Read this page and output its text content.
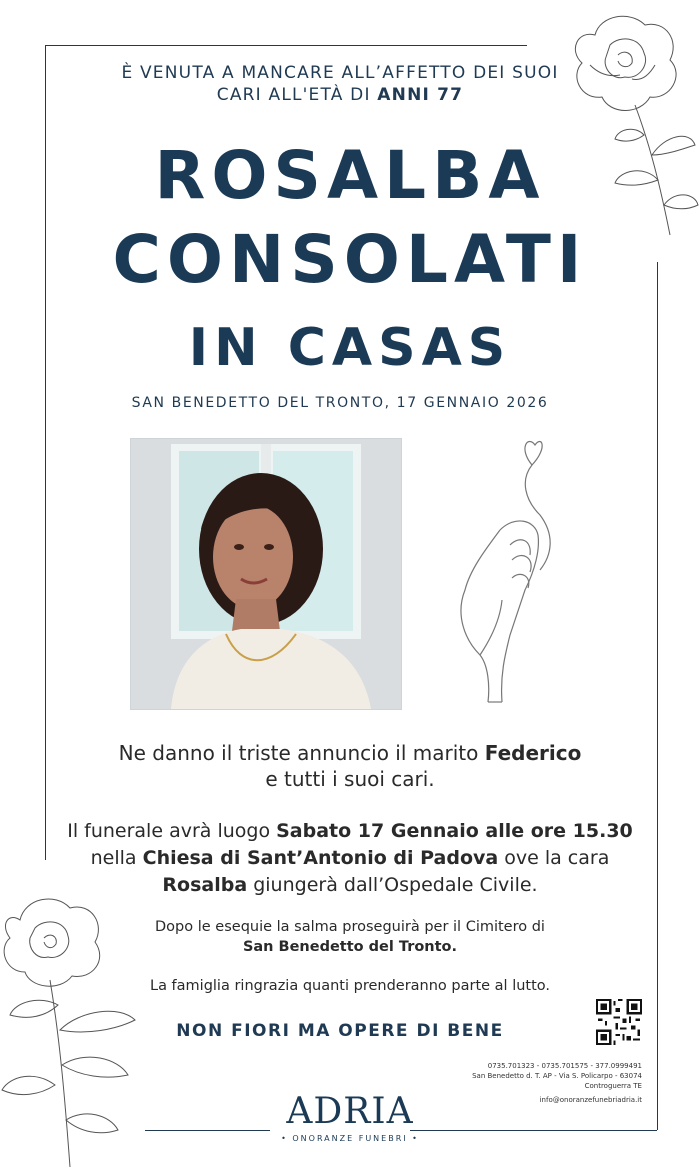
È VENUTA A MANCARE ALL’AFFETTO DEI SUOI
CARI ALL'ETÀ DI ANNI 77
ROSALBA
CONSOLATI
IN CASAS
SAN BENEDETTO DEL TRONTO, 17 GENNAIO 2026
Ne danno il triste annuncio il marito Federico
e tutti i suoi cari.
Il funerale avrà luogo Sabato 17 Gennaio alle ore 15.30 nella Chiesa di Sant’Antonio di Padova ove la cara Rosalba giungerà dall’Ospedale Civile.
Dopo le esequie la salma proseguirà per il Cimitero di
San Benedetto del Tronto.
La famiglia ringrazia quanti prenderanno parte al lutto.
NON FIORI MA OPERE DI BENE
0735.701323 - 0735.701575 - 377.0999491
San Benedetto d. T. AP - Via S. Policarpo - 63074
Controguerra TE
info@onoranzefunebriadria.it
ADRIA
• ONORANZE FUNEBRI •
